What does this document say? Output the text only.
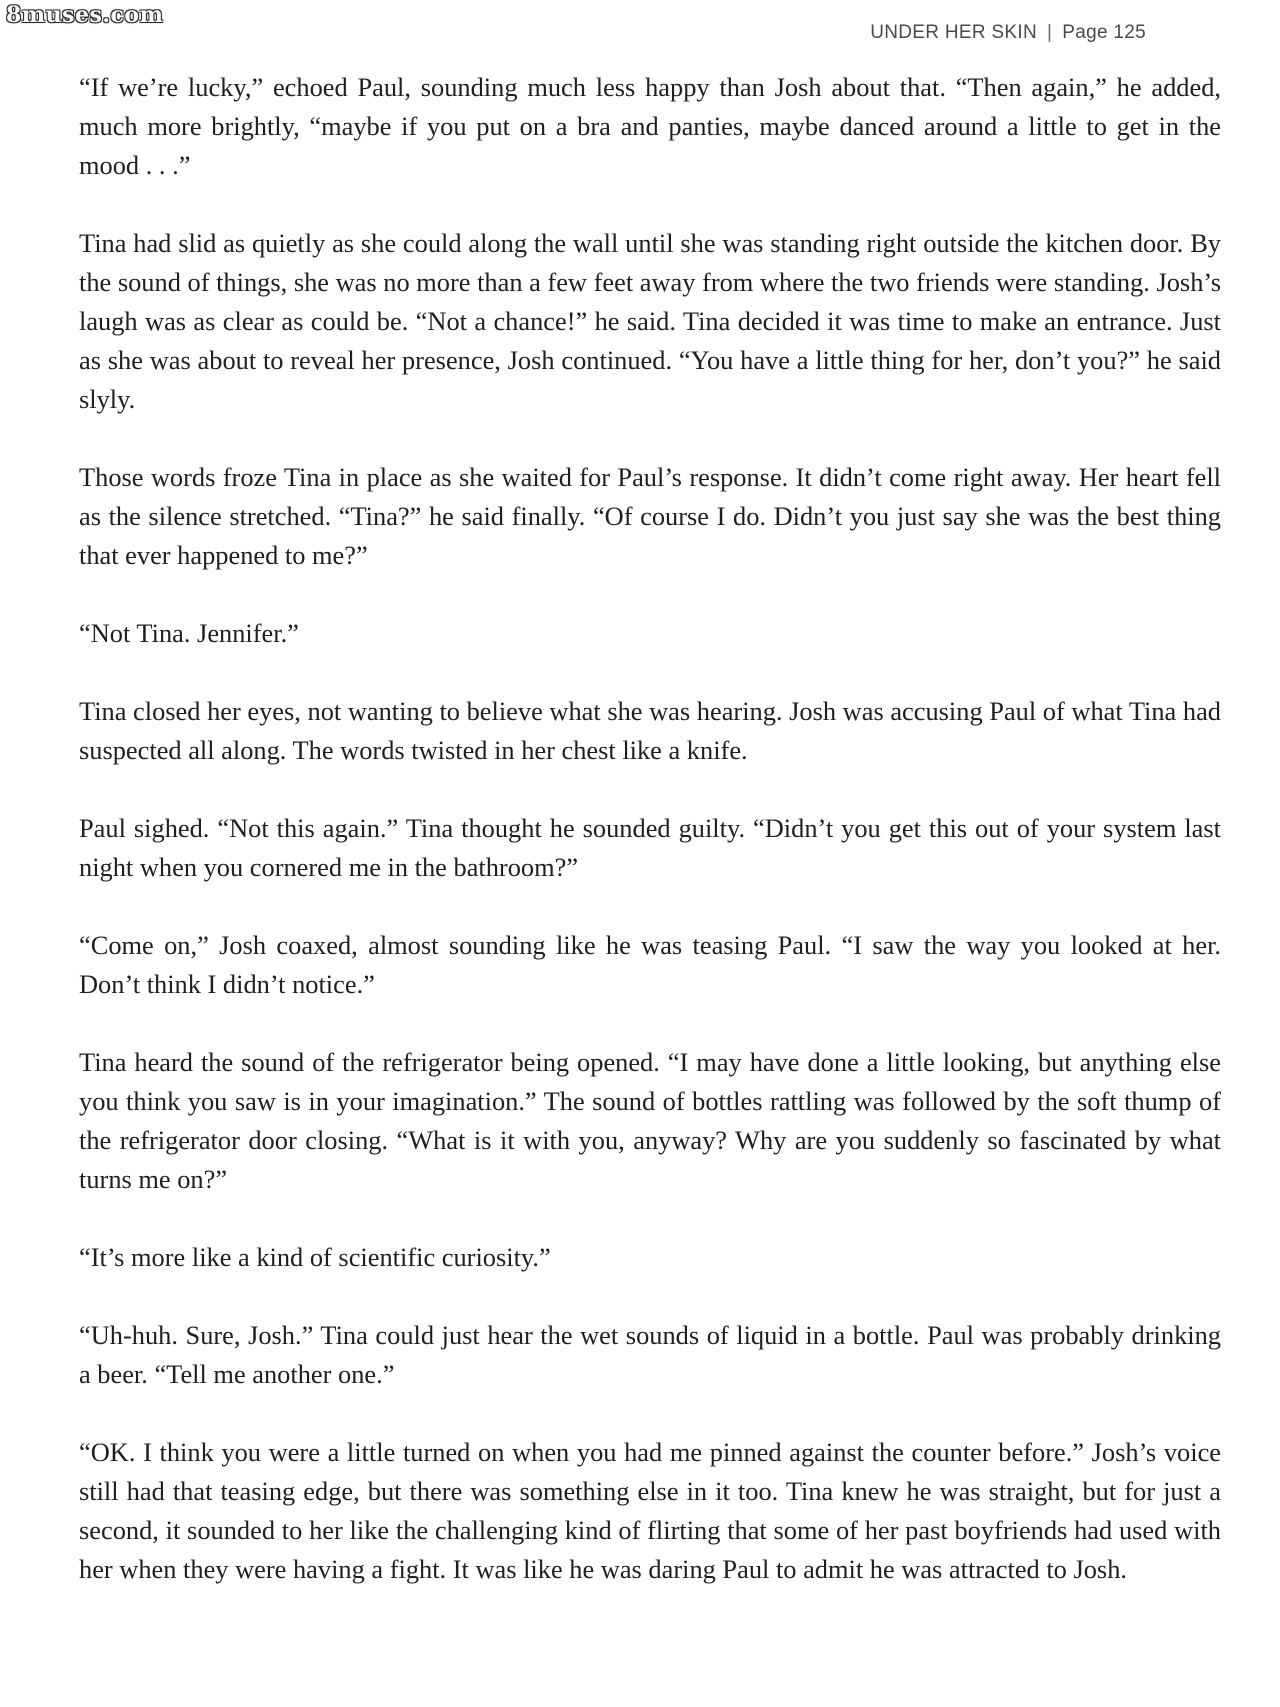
8muses.com
UNDER HER SKIN | Page 125

“If we’re lucky,” echoed Paul, sounding much less happy than Josh about that. “Then again,” he added, much more brightly, “maybe if you put on a bra and panties, maybe danced around a little to get in the mood . . .”

Tina had slid as quietly as she could along the wall until she was standing right outside the kitchen door. By the sound of things, she was no more than a few feet away from where the two friends were standing. Josh’s laugh was as clear as could be. “Not a chance!” he said. Tina decided it was time to make an entrance. Just as she was about to reveal her presence, Josh continued. “You have a little thing for her, don’t you?” he said slyly.

Those words froze Tina in place as she waited for Paul’s response. It didn’t come right away. Her heart fell as the silence stretched. “Tina?” he said finally. “Of course I do. Didn’t you just say she was the best thing that ever happened to me?”

“Not Tina. Jennifer.”

Tina closed her eyes, not wanting to believe what she was hearing. Josh was accusing Paul of what Tina had suspected all along. The words twisted in her chest like a knife.

Paul sighed. “Not this again.” Tina thought he sounded guilty. “Didn’t you get this out of your system last night when you cornered me in the bathroom?”

“Come on,” Josh coaxed, almost sounding like he was teasing Paul. “I saw the way you looked at her. Don’t think I didn’t notice.”

Tina heard the sound of the refrigerator being opened. “I may have done a little looking, but anything else you think you saw is in your imagination.” The sound of bottles rattling was followed by the soft thump of the refrigerator door closing. “What is it with you, anyway? Why are you suddenly so fascinated by what turns me on?”

“It’s more like a kind of scientific curiosity.”

“Uh-huh. Sure, Josh.” Tina could just hear the wet sounds of liquid in a bottle. Paul was probably drinking a beer. “Tell me another one.”

“OK. I think you were a little turned on when you had me pinned against the counter before.” Josh’s voice still had that teasing edge, but there was something else in it too. Tina knew he was straight, but for just a second, it sounded to her like the challenging kind of flirting that some of her past boyfriends had used with her when they were having a fight. It was like he was daring Paul to admit he was attracted to Josh.
